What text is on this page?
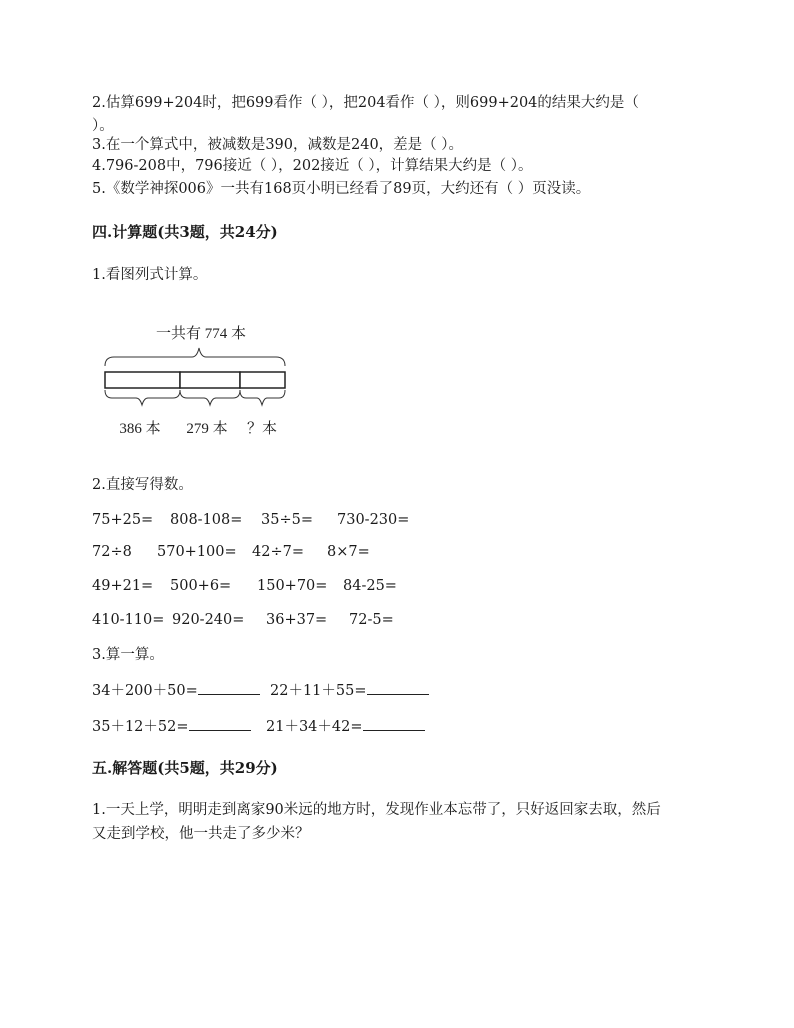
2.估算699+204时，把699看作（ ），把204看作（ ），则699+204的结果大约是（
）。
3.在一个算式中，被减数是390，减数是240，差是（ ）。
4.796-208中，796接近（ ），202接近（ ），计算结果大约是（ ）。
5.《数学神探006》一共有168页小明已经看了89页，大约还有（ ）页没读。
四.计算题(共3题，共24分)
1.看图列式计算。
一共有 774 本
386 本 279 本 ？本
2.直接写得数。
75+25= 808-108= 35÷5= 730-230=
72÷8 570+100= 42÷7= 8×7=
49+21= 500+6= 150+70= 84-25=
410-110= 920-240= 36+37= 72-5=
3.算一算。
34＋200＋50=	22＋11＋55=
35＋12＋52=	21＋34＋42=
五.解答题(共5题，共29分)
1.一天上学，明明走到离家90米远的地方时，发现作业本忘带了，只好返回家去取，然后
又走到学校，他一共走了多少米？
